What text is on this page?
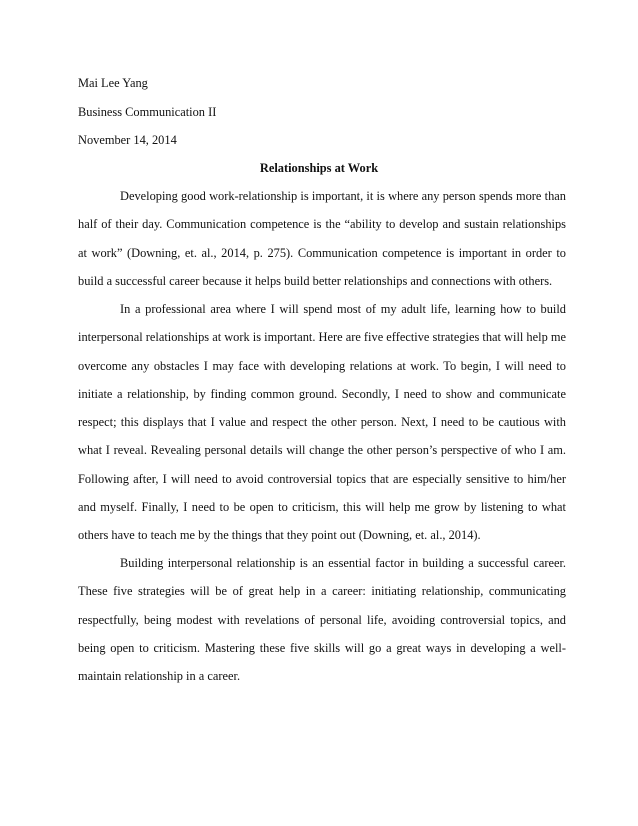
Mai Lee Yang
Business Communication II
November 14, 2014
Relationships at Work

Developing good work-relationship is important, it is where any person spends more than half of their day. Communication competence is the “ability to develop and sustain relationships at work” (Downing, et. al., 2014, p. 275). Communication competence is important in order to build a successful career because it helps build better relationships and connections with others.

In a professional area where I will spend most of my adult life, learning how to build interpersonal relationships at work is important. Here are five effective strategies that will help me overcome any obstacles I may face with developing relations at work. To begin, I will need to initiate a relationship, by finding common ground. Secondly, I need to show and communicate respect; this displays that I value and respect the other person. Next, I need to be cautious with what I reveal. Revealing personal details will change the other person’s perspective of who I am. Following after, I will need to avoid controversial topics that are especially sensitive to him/her and myself. Finally, I need to be open to criticism, this will help me grow by listening to what others have to teach me by the things that they point out (Downing, et. al., 2014).

Building interpersonal relationship is an essential factor in building a successful career. These five strategies will be of great help in a career: initiating relationship, communicating respectfully, being modest with revelations of personal life, avoiding controversial topics, and being open to criticism. Mastering these five skills will go a great ways in developing a well-maintain relationship in a career.
